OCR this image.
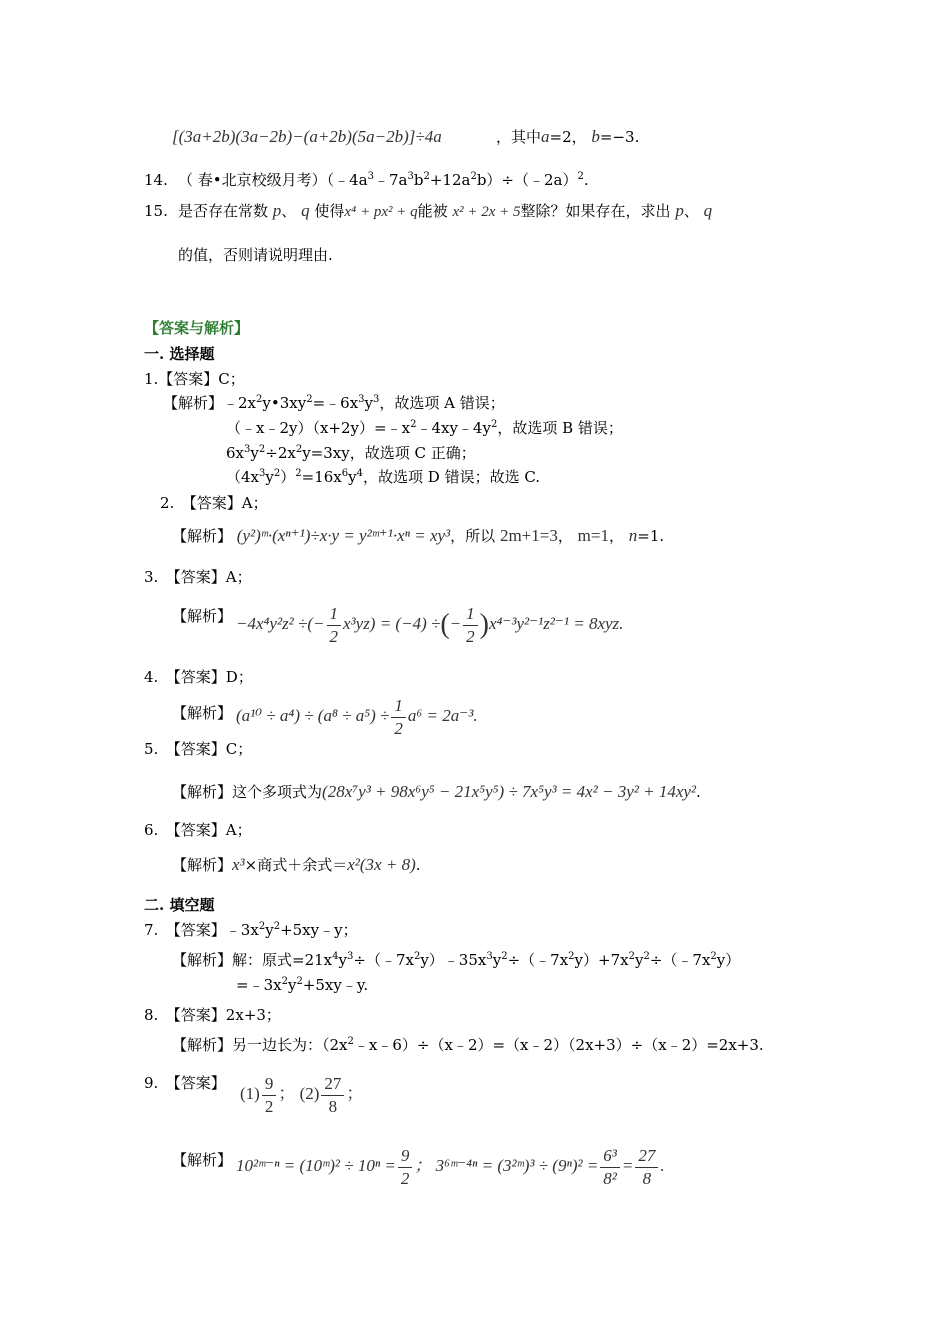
[(3a+2b)(3a−2b)−(a+2b)(5a−2b)]÷4a	，其中a=2， b=−3.
14. （ 春•北京校级月考）$(﹣4a^3﹣7a^3b^2+12a^2b)\div(﹣2a)^2$.
15. 是否存在常数 p、 q 使得x⁴ + px² + q能被 x² + 2x + 5整除？如果存在，求出 p、 q
的值，否则请说明理由.
【答案与解析】
一. 选择题
1.【答案】C；
【解析】$﹣2x^2y•3xy^2=﹣6x^3y^3$，故选项 A 错误；
$(﹣x﹣2y)(x+2y)=﹣x^2﹣4xy﹣4y^2$，故选项 B 错误；
$6x^3y^2\div 2x^2y=3xy$，故选项 C 正确；
$(4x^3y^2)^2=16x^6y^4$，故选项 D 错误；故选 C.
2.　【答案】A；
【解析】 (y²)ᵐ·(xⁿ⁺¹)÷x·y = y²ᵐ⁺¹·xⁿ = xy³，所以 2m+1=3， m=1， n=1.
3.　【答案】A；
【解析】 −4x⁴y²z² ÷(− $\frac{1}{2} x^3yz) = (-4)$ ÷(− $\frac{1}{2} )x^{4-3}y^{2-1}z^{2-1} = 8xyz$.
4.　【答案】D；
【解析】 $(a^{10} \div a^4) \div (a^8 \div a^5) \div \frac{1}{2} a^6 = 2a^{-3}$.
5.　【答案】C；
【解析】这个多项式为(28x⁷y³ + 98x⁶y⁵ − 21x⁵y⁵) ÷ 7x⁵y³ = 4x² − 3y² + 14xy².
6.　【答案】A；
【解析】x³×商式＋余式＝x²(3x + 8).
二. 填空题
7.　【答案】$﹣3x^2y^2+5xy﹣y$；
【解析】解：原式$=21x^4y^3\div(﹣7x^2y)﹣35x^3y^2\div(﹣7x^2y)+7x^2y^2\div(﹣7x^2y)$
$=﹣3x^2y^2+5xy﹣y$.
8.　【答案】2x+3；
【解析】另一边长为：$(2x^2﹣x﹣6)\div(x﹣2)=(x﹣2)(2x+3)\div(x﹣2)=2x+3$.
9.　【答案】
$(1) \frac{9}{2}$ ； $(2) \frac{27}{8}$ ；
【解析】 10²ᵐ⁻ⁿ = (10ᵐ)² ÷ $10^n = \frac{9}{2}$ ； 3⁶ᵐ⁻⁴ⁿ = (3²ᵐ)³ ÷ $(9^n)^2 = \frac{\text{6³}}{\text{8²}} = \frac{27}{8}$ .
